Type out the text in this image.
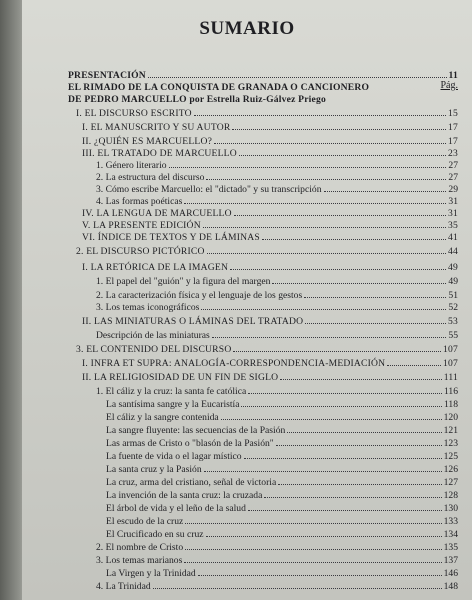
SUMARIO
Pág.
PRESENTACIÓN	11
EL RIMADO DE LA CONQUISTA DE GRANADA O CANCIONERO
DE PEDRO MARCUELLO por Estrella Ruiz-Gálvez Priego
I. EL DISCURSO ESCRITO	15
I. EL MANUSCRITO Y SU AUTOR	17
II. ¿QUIÉN ES MARCUELLO?	17
III. EL TRATADO DE MARCUELLO	23
1. Género literario	27
2. La estructura del discurso	27
3. Cómo escribe Marcuello: el "dictado" y su transcripción	29
4. Las formas poéticas	31
IV. LA LENGUA DE MARCUELLO	31
V. LA PRESENTE EDICIÓN	35
VI. ÍNDICE DE TEXTOS Y DE LÁMINAS	41
2. EL DISCURSO PICTÓRICO	44
I. LA RETÓRICA DE LA IMAGEN	49
1. El papel del "guión" y la figura del margen	49
2. La caracterización física y el lenguaje de los gestos	51
3. Los temas iconográficos	52
II. LAS MINIATURAS O LÁMINAS DEL TRATADO	53
Descripción de las miniaturas	55
3. EL CONTENIDO DEL DISCURSO	107
I. INFRA ET SUPRA: ANALOGÍA-CORRESPONDENCIA-MEDIACIÓN	107
II. LA RELIGIOSIDAD DE UN FIN DE SIGLO	111
1. El cáliz y la cruz: la santa fe católica	116
La santísima sangre y la Eucaristía	118
El cáliz y la sangre contenida	120
La sangre fluyente: las secuencias de la Pasión	121
Las armas de Cristo o "blasón de la Pasión"	123
La fuente de vida o el lagar místico	125
La santa cruz y la Pasión	126
La cruz, arma del cristiano, señal de victoria	127
La invención de la santa cruz: la cruzada	128
El árbol de vida y el leño de la salud	130
El escudo de la cruz	133
El Crucificado en su cruz	134
2. El nombre de Cristo	135
3. Los temas marianos	137
La Virgen y la Trinidad	146
4. La Trinidad	148
